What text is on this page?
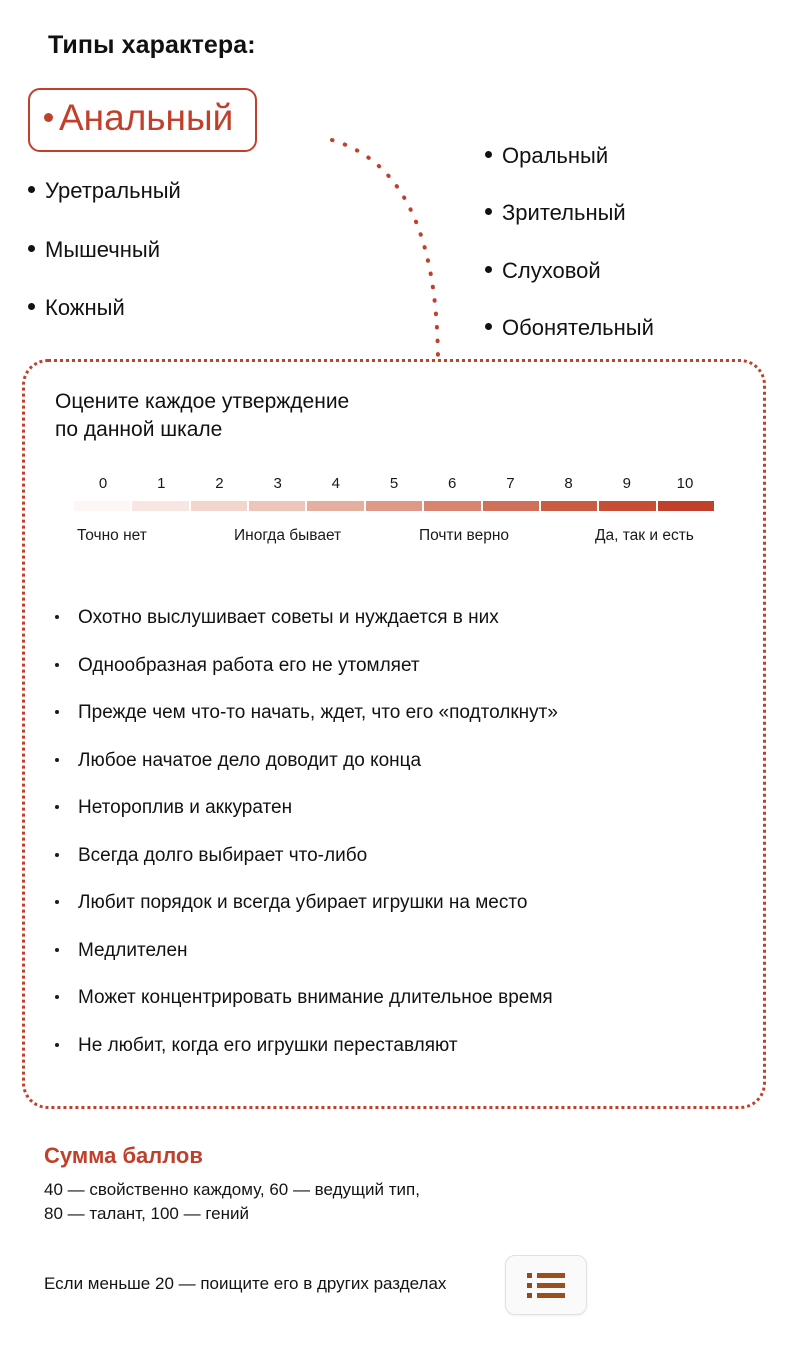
Типы характера:
Анальный
Уретральный
Мышечный
Кожный
Оральный
Зрительный
Слуховой
Обонятельный
Оцените каждое утверждение
по данной шкале
0	1	2	3	4	5	6	7	8	9	10
Точно нет	Иногда бывает	Почти верно	Да, так и есть
Охотно выслушивает советы и нуждается в них
Однообразная работа его не утомляет
Прежде чем что-то начать, ждет, что его «подтолкнут»
Любое начатое дело доводит до конца
Нетороплив и аккуратен
Всегда долго выбирает что-либо
Любит порядок и всегда убирает игрушки на место
Медлителен
Может концентрировать внимание длительное время
Не любит, когда его игрушки переставляют
Сумма баллов
40 — свойственно каждому, 60 — ведущий тип,
80 — талант, 100 — гений
Если меньше 20 — поищите его в других разделах
